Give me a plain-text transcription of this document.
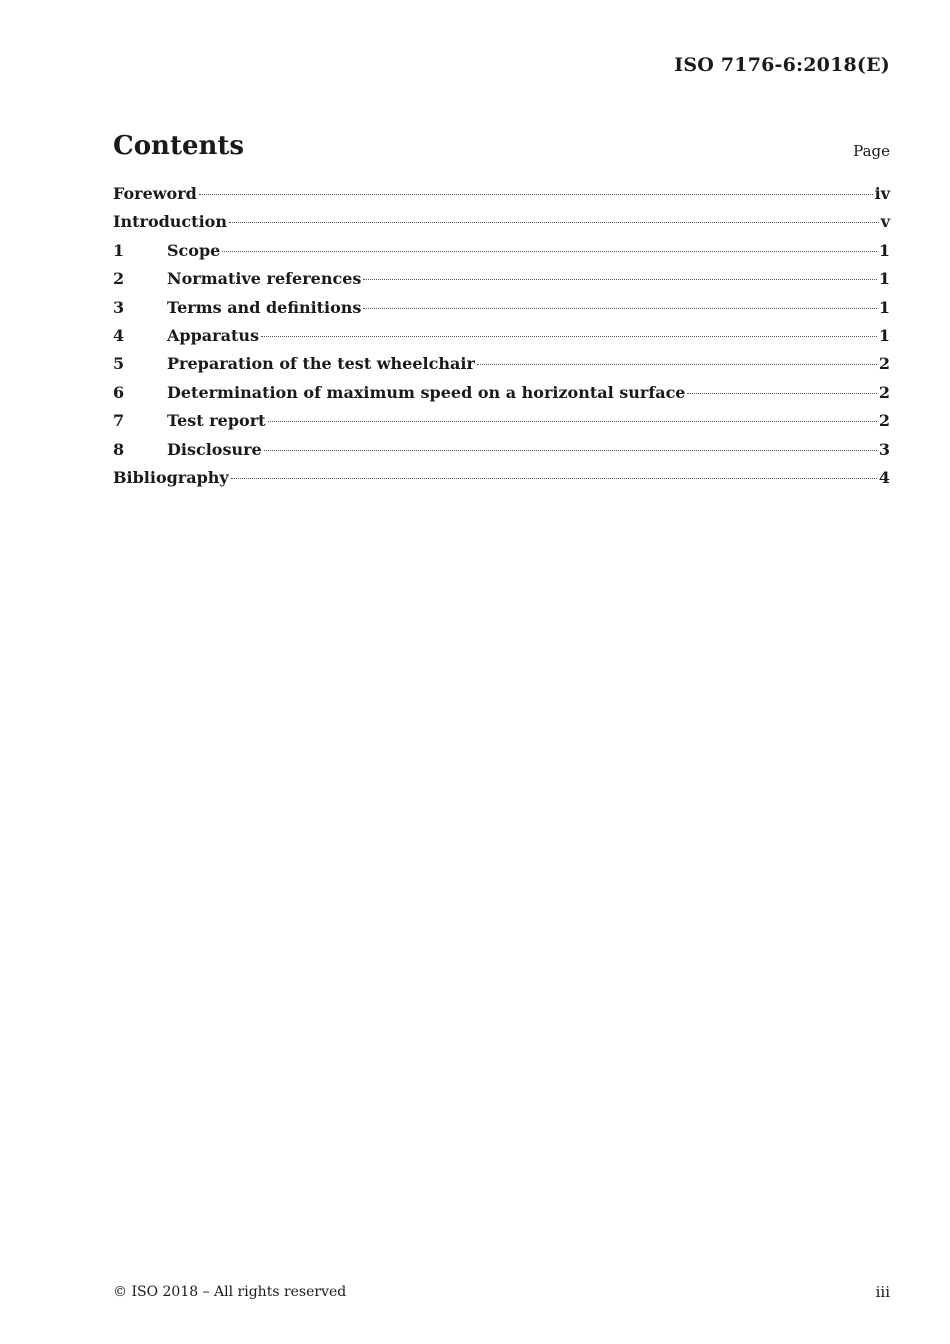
ISO 7176-6:2018(E)
Contents	Page
Foreword	iv
Introduction	v
1	Scope	1
2	Normative references	1
3	Terms and definitions	1
4	Apparatus	1
5	Preparation of the test wheelchair	2
6	Determination of maximum speed on a horizontal surface	2
7	Test report	2
8	Disclosure	3
Bibliography	4
© ISO 2018 – All rights reserved	iii
